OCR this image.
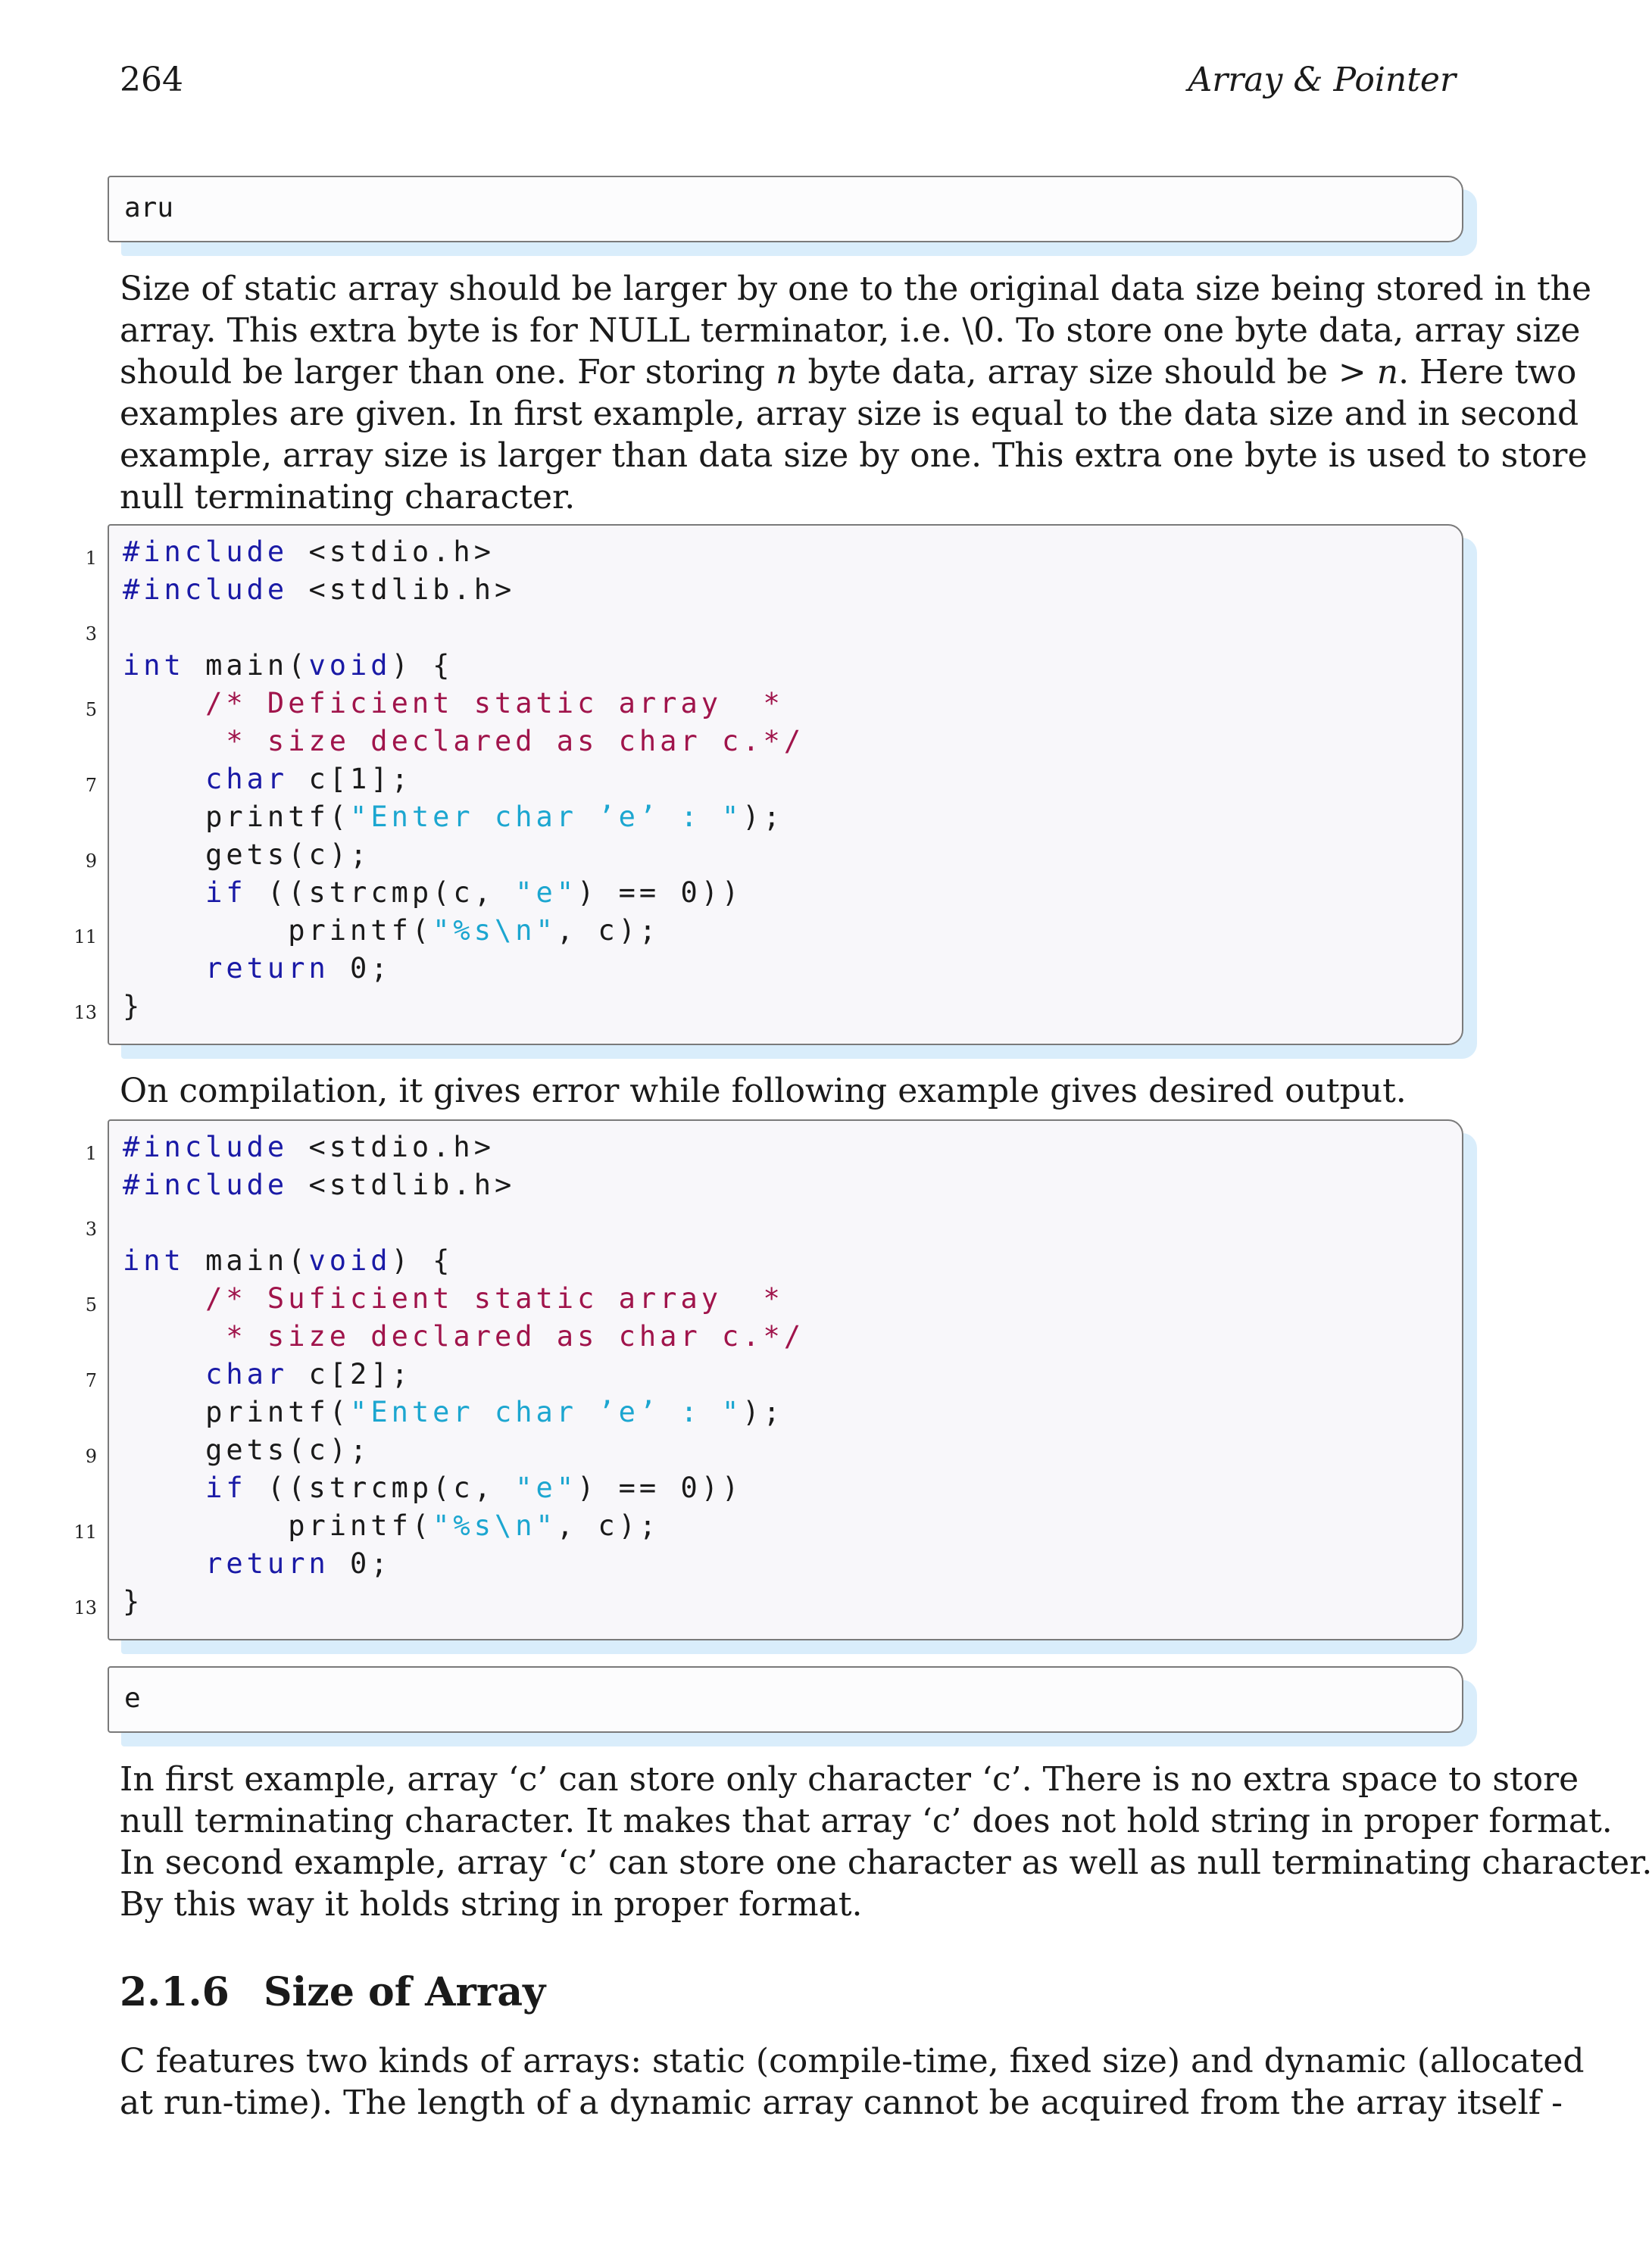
264	Array & Pointer
aru

Size of static array should be larger by one to the original data size being stored in the
array. This extra byte is for NULL terminator, i.e. \0. To store one byte data, array size
should be larger than one. For storing n byte data, array size should be > n. Here two
examples are given. In first example, array size is equal to the data size and in second
example, array size is larger than data size by one. This extra one byte is used to store
null terminating character.

1 #include <stdio.h>
#include <stdlib.h>
3
int main(void) {
5 /* Deficient static array  *
* size declared as char c.*/
7	char c[1];
printf("Enter char ’e’ : ");
9 gets(c);
if ((strcmp(c, "e") == 0))
11 printf("%s\n", c);
return 0;
13 }

On compilation, it gives error while following example gives desired output.

1 #include <stdio.h>
#include <stdlib.h>
3
int main(void) {
5 /* Suficient static array  *
* size declared as char c.*/
7	char c[2];
printf("Enter char ’e’ : ");
9 gets(c);
if ((strcmp(c, "e") == 0))
11 printf("%s\n", c);
return 0;
13 }
e

In first example, array ‘c’ can store only character ‘c’. There is no extra space to store
null terminating character. It makes that array ‘c’ does not hold string in proper format.
In second example, array ‘c’ can store one character as well as null terminating character.
By this way it holds string in proper format.

2.1.6 Size of Array

C features two kinds of arrays: static (compile-time, fixed size) and dynamic (allocated
at run-time). The length of a dynamic array cannot be acquired from the array itself -
